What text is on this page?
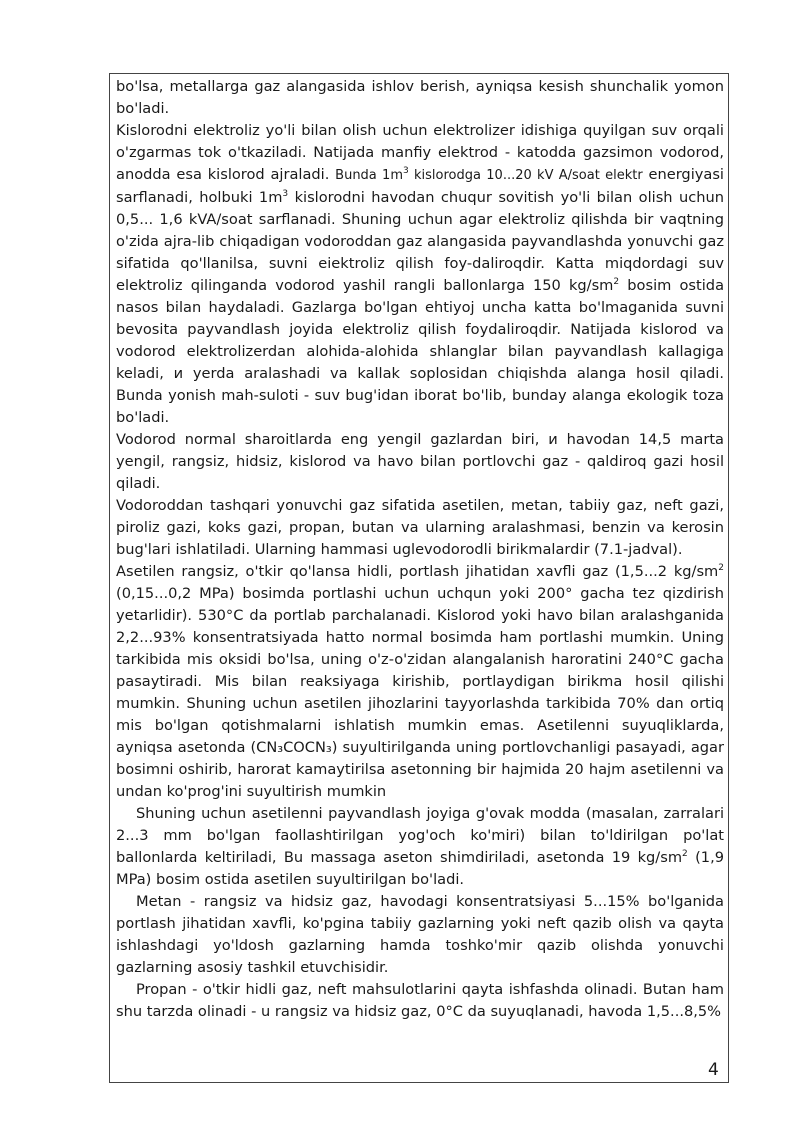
bo'lsa, metallarga gaz alangasida ishlov berish, ayniqsa kesish shunchalik yomon bo'ladi.

Kislorodni elektroliz yo'li bilan olish uchun elektrolizer idishiga quyilgan suv orqali o'zgarmas tok o'tkaziladi. Natijada manfiy elektrod - katodda gazsimon vodorod, anodda esa kislorod ajraladi. Bunda $1m^3$ kislorodga 10...20 kV A/soat elektr energiyasi sarflanadi, holbuki $1m^3$ kislorodni havodan chuqur sovitish yo'li bilan olish uchun 0,5... 1,6 kVA/soat sarflanadi. Shuning uchun agar elektroliz qilishda bir vaqtning o'zida ajra-lib chiqadigan vodoroddan gaz alangasida payvandlashda yonuvchi gaz sifatida qo'llanilsa, suvni eiektroliz qilish foy-daliroqdir. Katta miqdordagi suv elektroliz qilinganda vodorod yashil rangli ballonlarga 150 $kg/sm^2$ bosim ostida nasos bilan haydaladi. Gazlarga bo'lgan ehtiyoj uncha katta bo'lmaganida suvni bevosita payvandlash joyida elektroliz qilish foydaliroqdir. Natijada kislorod va vodorod elektrolizerdan alohida-alohida shlanglar bilan payvandlash kallagiga keladi, и yerda aralashadi va kallak soplosidan chiqishda alanga hosil qiladi. Bunda yonish mah-suloti - suv bug'idan iborat bo'lib, bunday alanga ekologik toza bo'ladi.

Vodorod normal sharoitlarda eng yengil gazlardan biri, и havodan 14,5 marta yengil, rangsiz, hidsiz, kislorod va havo bilan portlovchi gaz - qaldiroq gazi hosil qiladi.

Vodoroddan tashqari yonuvchi gaz sifatida asetilen, metan, tabiiy gaz, neft gazi, piroliz gazi, koks gazi, propan, butan va ularning aralashmasi, benzin va kerosin bug'lari ishlatiladi. Ularning hammasi uglevodorodli birikmalardir (7.1-jadval).

Asetilen rangsiz, o'tkir qo'lansa hidli, portlash jihatidan xavfli gaz (1,5...2 $kg/sm^2$ (0,15...0,2 MPa) bosimda portlashi uchun uchqun yoki 200° gacha tez qizdirish yetarlidir). 530°C da portlab parchalanadi. Kislorod yoki havo bilan aralashganida 2,2...93% konsentratsiyada hatto normal bosimda ham portlashi mumkin. Uning tarkibida mis oksidi bo'lsa, uning o'z-o'zidan alangalanish haroratini 240°C gacha pasaytiradi. Mis bilan reaksiyaga kirishib, portlaydigan birikma hosil qilishi mumkin. Shuning uchun asetilen jihozlarini tayyorlashda tarkibida 70% dan ortiq mis bo'lgan qotishmalarni ishlatish mumkin emas. Asetilenni suyuqliklarda, ayniqsa asetonda (CN₃COCN₃) suyultirilganda uning portlovchanligi pasayadi, agar bosimni oshirib, harorat kamaytirilsa asetonning bir hajmida 20 hajm asetilenni va undan ko'prog'ini suyultirish mumkin

Shuning uchun asetilenni payvandlash joyiga g'ovak modda (masalan, zarralari 2...3 mm bo'lgan faollashtirilgan yog'och ko'miri) bilan to'ldirilgan po'lat ballonlarda keltiriladi, Bu massaga aseton shimdiriladi, asetonda 19 $kg/sm^2$ (1,9 MPa) bosim ostida asetilen suyultirilgan bo'ladi.

Metan - rangsiz va hidsiz gaz, havodagi konsentratsiyasi 5...15% bo'lganida portlash jihatidan xavfli, ko'pgina tabiiy gazlarning yoki neft qazib olish va qayta ishlashdagi yo'ldosh gazlarning hamda toshko'mir qazib olishda yonuvchi gazlarning asosiy tashkil etuvchisidir.

Propan - o'tkir hidli gaz, neft mahsulotlarini qayta ishfashda olinadi. Butan ham shu tarzda olinadi - u rangsiz va hidsiz gaz, 0°C da suyuqlanadi, havoda 1,5...8,5%

4
